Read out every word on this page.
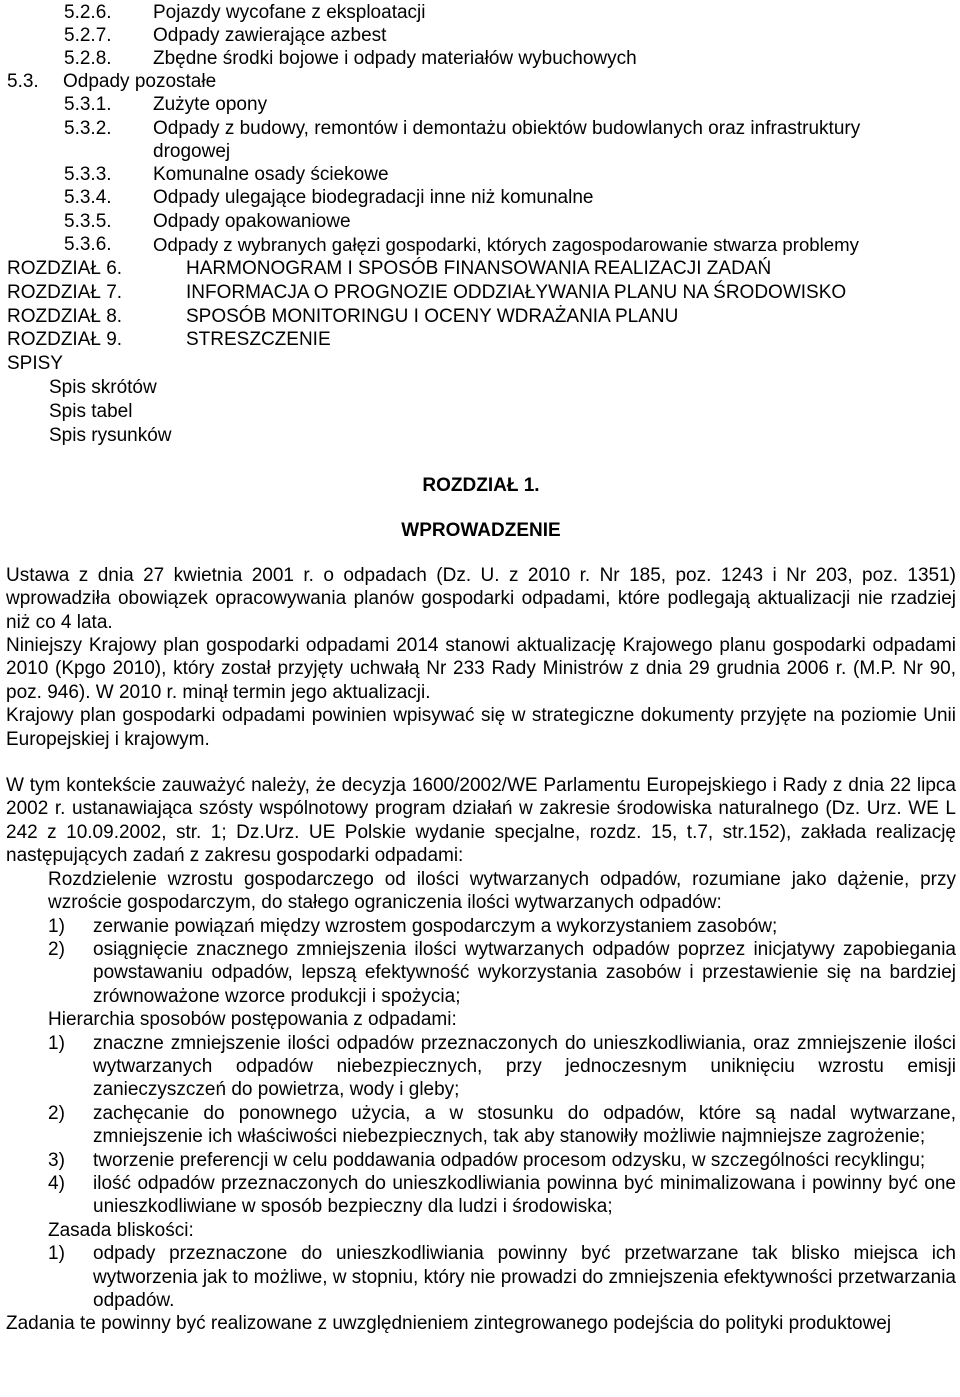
5.2.6. Pojazdy wycofane z eksploatacji
5.2.7. Odpady zawierające azbest
5.2.8. Zbędne środki bojowe i odpady materiałów wybuchowych
5.3. Odpady pozostałe
5.3.1. Zużyte opony
5.3.2. Odpady z budowy, remontów i demontażu obiektów budowlanych oraz infrastruktury
drogowej
5.3.3. Komunalne osady ściekowe
5.3.4. Odpady ulegające biodegradacji inne niż komunalne
5.3.5. Odpady opakowaniowe
5.3.6. Odpady z wybranych gałęzi gospodarki, których zagospodarowanie stwarza problemy
ROZDZIAŁ 6.	HARMONOGRAM I SPOSÓB FINANSOWANIA REALIZACJI ZADAŃ
ROZDZIAŁ 7.	INFORMACJA O PROGNOZIE ODDZIAŁYWANIA PLANU NA ŚRODOWISKO
ROZDZIAŁ 8.	SPOSÓB MONITORINGU I OCENY WDRAŻANIA PLANU
ROZDZIAŁ 9.	STRESZCZENIE
SPISY
Spis skrótów
Spis tabel
Spis rysunków
ROZDZIAŁ 1.
WPROWADZENIE

Ustawa z dnia 27 kwietnia 2001 r. o odpadach (Dz. U. z 2010 r. Nr 185, poz. 1243 i Nr 203, poz. 1351) wprowadziła obowiązek opracowywania planów gospodarki odpadami, które podlegają aktualizacji nie rzadziej niż co 4 lata.

Niniejszy Krajowy plan gospodarki odpadami 2014 stanowi aktualizację Krajowego planu gospodarki odpadami 2010 (Kpgo 2010), który został przyjęty uchwałą Nr 233 Rady Ministrów z dnia 29 grudnia 2006 r. (M.P. Nr 90, poz. 946). W 2010 r. minął termin jego aktualizacji.

Krajowy plan gospodarki odpadami powinien wpisywać się w strategiczne dokumenty przyjęte na poziomie Unii Europejskiej i krajowym.

W tym kontekście zauważyć należy, że decyzja 1600/2002/WE Parlamentu Europejskiego i Rady z dnia 22 lipca 2002 r. ustanawiająca szósty wspólnotowy program działań w zakresie środowiska naturalnego (Dz. Urz. WE L 242 z 10.09.2002, str. 1; Dz.Urz. UE Polskie wydanie specjalne, rozdz. 15, t.7, str.152), zakłada realizację następujących zadań z zakresu gospodarki odpadami:

Rozdzielenie wzrostu gospodarczego od ilości wytwarzanych odpadów, rozumiane jako dążenie, przy wzroście gospodarczym, do stałego ograniczenia ilości wytwarzanych odpadów:

1) zerwanie powiązań między wzrostem gospodarczym a wykorzystaniem zasobów;
2) osiągnięcie znacznego zmniejszenia ilości wytwarzanych odpadów poprzez inicjatywy zapobiegania powstawaniu odpadów, lepszą efektywność wykorzystania zasobów i przestawienie się na bardziej zrównoważone wzorce produkcji i spożycia;

Hierarchia sposobów postępowania z odpadami:

1) znaczne zmniejszenie ilości odpadów przeznaczonych do unieszkodliwiania, oraz zmniejszenie ilości wytwarzanych odpadów niebezpiecznych, przy jednoczesnym uniknięciu wzrostu emisji zanieczyszczeń do powietrza, wody i gleby;
2) zachęcanie do ponownego użycia, a w stosunku do odpadów, które są nadal wytwarzane, zmniejszenie ich właściwości niebezpiecznych, tak aby stanowiły możliwie najmniejsze zagrożenie;
3) tworzenie preferencji w celu poddawania odpadów procesom odzysku, w szczególności recyklingu;
4) ilość odpadów przeznaczonych do unieszkodliwiania powinna być minimalizowana i powinny być one unieszkodliwiane w sposób bezpieczny dla ludzi i środowiska;

Zasada bliskości:

1) odpady przeznaczone do unieszkodliwiania powinny być przetwarzane tak blisko miejsca ich wytworzenia jak to możliwe, w stopniu, który nie prowadzi do zmniejszenia efektywności przetwarzania odpadów.

Zadania te powinny być realizowane z uwzględnieniem zintegrowanego podejścia do polityki produktowej
